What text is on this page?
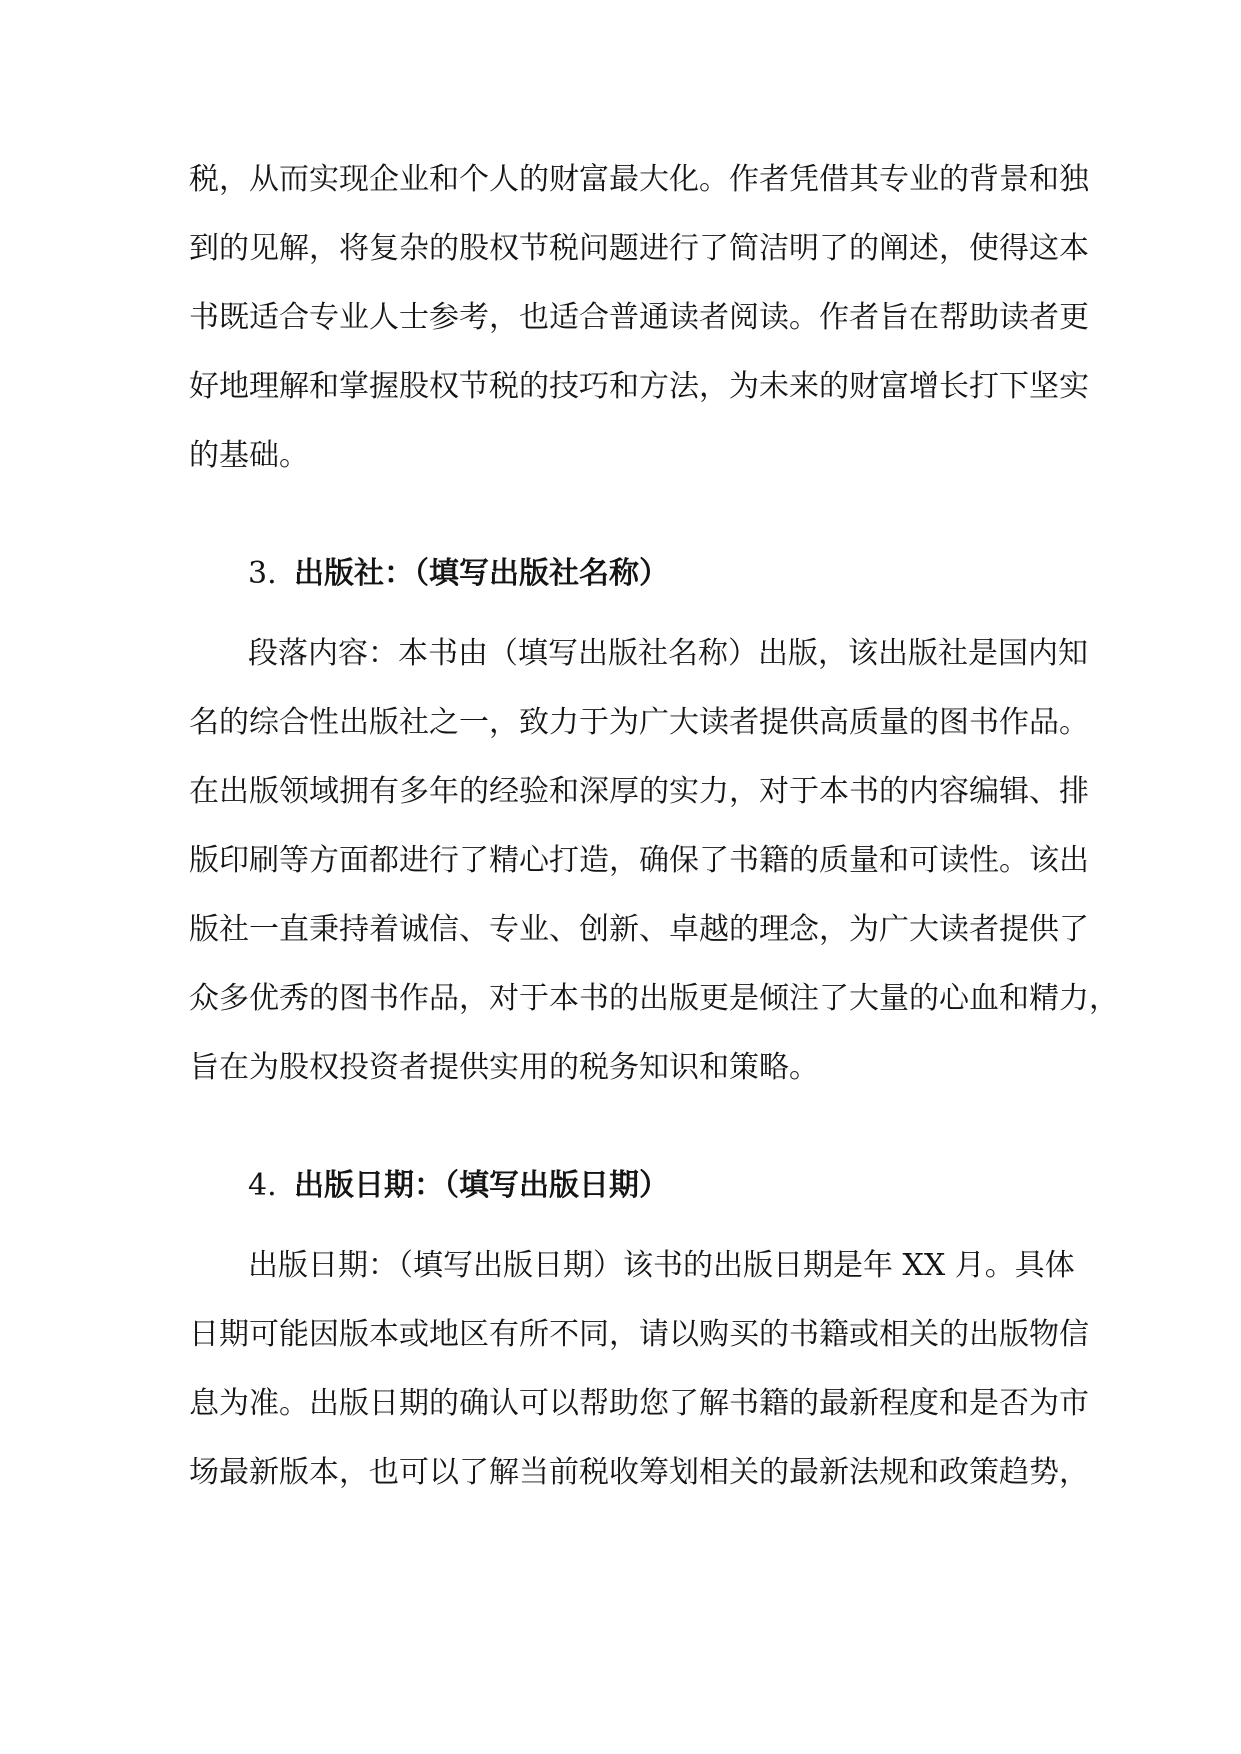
税，从而实现企业和个人的财富最大化。作者凭借其专业的背景和独
到的见解，将复杂的股权节税问题进行了简洁明了的阐述，使得这本
书既适合专业人士参考，也适合普通读者阅读。作者旨在帮助读者更
好地理解和掌握股权节税的技巧和方法，为未来的财富增长打下坚实
的基础。
3. 出版社：（填写出版社名称）
段落内容：本书由（填写出版社名称）出版，该出版社是国内知
名的综合性出版社之一，致力于为广大读者提供高质量的图书作品。
在出版领域拥有多年的经验和深厚的实力，对于本书的内容编辑、排
版印刷等方面都进行了精心打造，确保了书籍的质量和可读性。该出
版社一直秉持着诚信、专业、创新、卓越的理念，为广大读者提供了
众多优秀的图书作品，对于本书的出版更是倾注了大量的心血和精力，
旨在为股权投资者提供实用的税务知识和策略。
4. 出版日期：（填写出版日期）
出版日期：（填写出版日期）该书的出版日期是年 XX 月。具体
日期可能因版本或地区有所不同，请以购买的书籍或相关的出版物信
息为准。出版日期的确认可以帮助您了解书籍的最新程度和是否为市
场最新版本，也可以了解当前税收筹划相关的最新法规和政策趋势，
